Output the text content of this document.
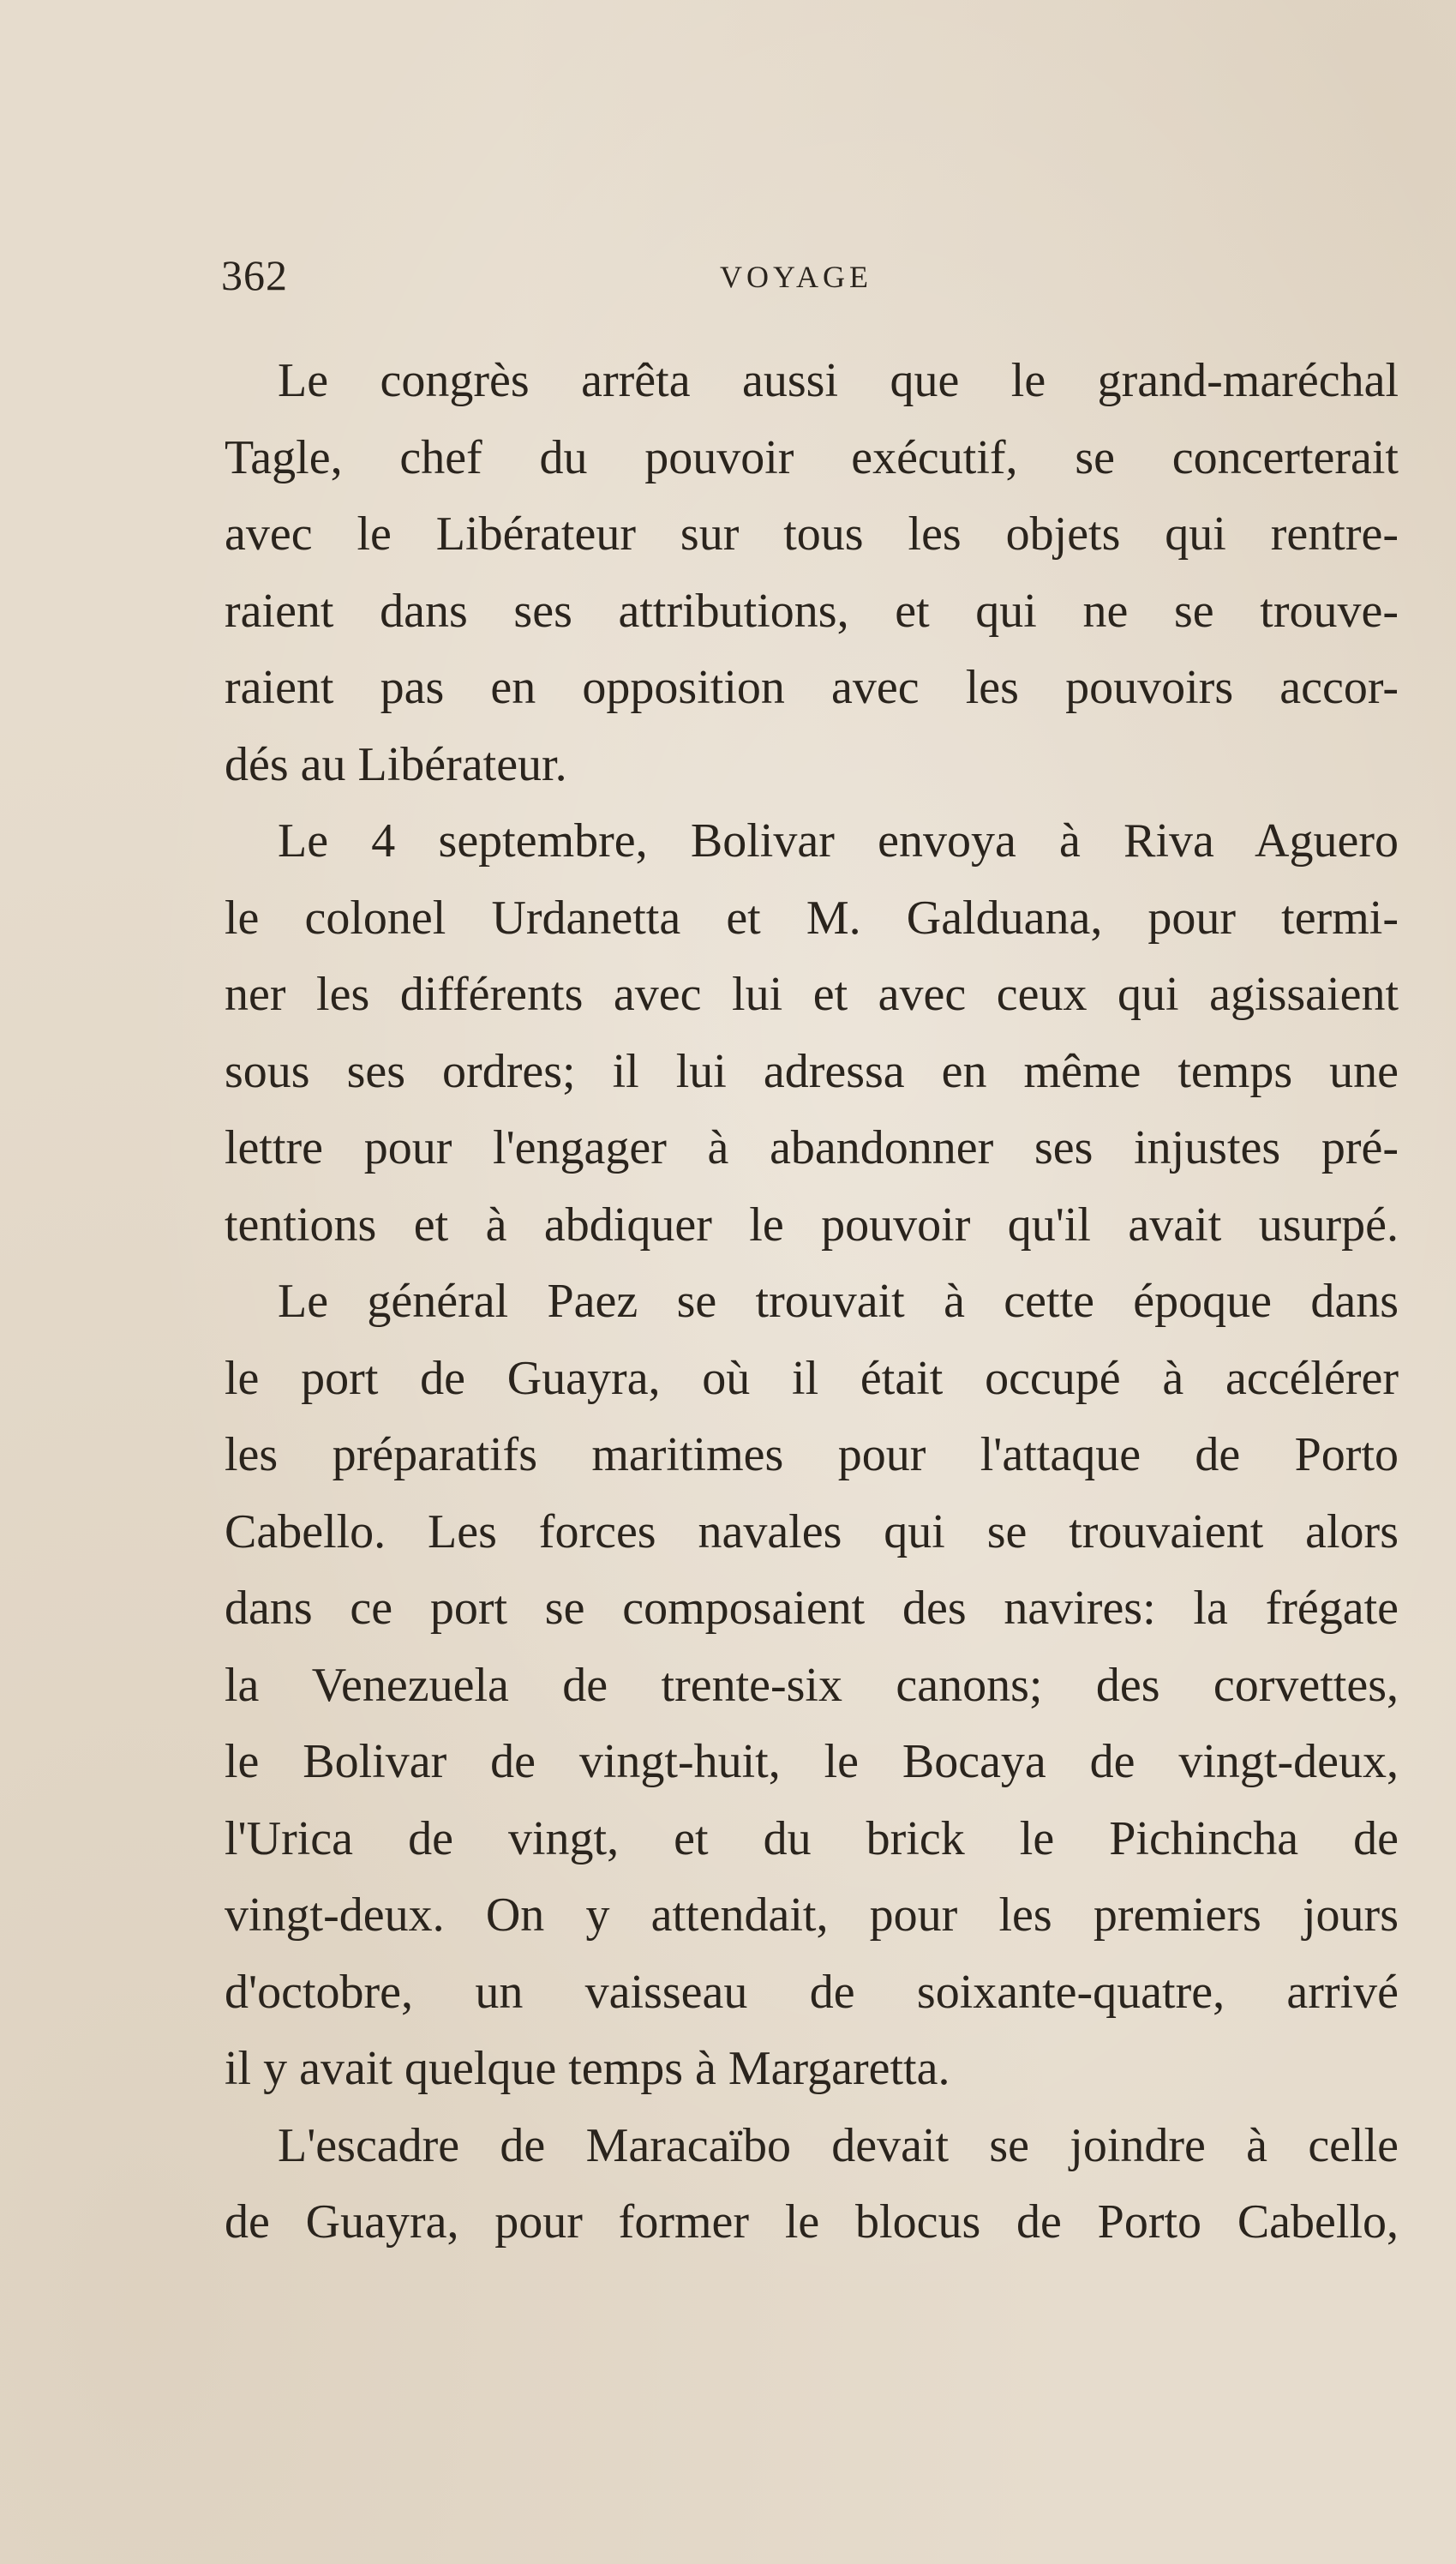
362	VOYAGE
Le congrès arrêta aussi que le grand-maréchal
Tagle, chef du pouvoir exécutif, se concerterait
avec le Libérateur sur tous les objets qui rentre-
raient dans ses attributions, et qui ne se trouve-
raient pas en opposition avec les pouvoirs accor-
dés au Libérateur.
Le 4 septembre, Bolivar envoya à Riva Aguero
le colonel Urdanetta et M. Galduana, pour termi-
ner les différents avec lui et avec ceux qui agissaient
sous ses ordres; il lui adressa en même temps une
lettre pour l'engager à abandonner ses injustes pré-
tentions et à abdiquer le pouvoir qu'il avait usurpé.
Le général Paez se trouvait à cette époque dans
le port de Guayra, où il était occupé à accélérer
les préparatifs maritimes pour l'attaque de Porto
Cabello. Les forces navales qui se trouvaient alors
dans ce port se composaient des navires: la frégate
la Venezuela de trente-six canons; des corvettes,
le Bolivar de vingt-huit, le Bocaya de vingt-deux,
l'Urica de vingt, et du brick le Pichincha de
vingt-deux. On y attendait, pour les premiers jours
d'octobre, un vaisseau de soixante-quatre, arrivé
il y avait quelque temps à Margaretta.
L'escadre de Maracaïbo devait se joindre à celle
de Guayra, pour former le blocus de Porto Cabello,
